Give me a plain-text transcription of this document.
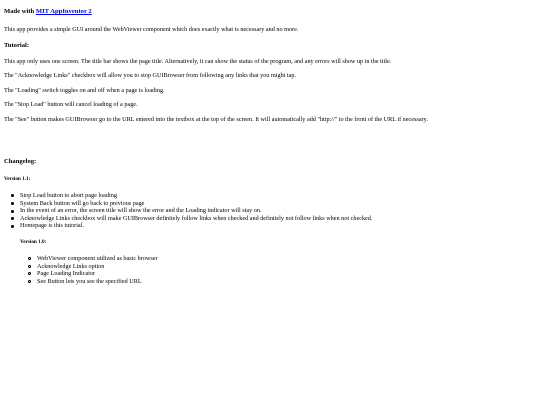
Made with MIT AppInventor 2
This app provides a simple GUI around the WebViewer component which does exactly what is necessary and no more.
Tutorial:
This app only uses one screen. The title bar shows the page title. Alternatively, it can show the status of the program, and any errors will show up in the title.
The "Acknowledge Links" checkbox will allow you to stop GUIBrowser from following any links that you might tap.
The "Loading" switch toggles on and off when a page is loading.
The "Stop Load" button will cancel loading of a page.
The "See" button makes GUIBrowser go to the URL entered into the textbox at the top of the screen. It will automatically add "http://" to the front of the URL if necessary.
Changelog:
Version 1.1:
Stop Load button to abort page loading
System Back button will go back to previous page
In the event of an error, the screen title will show the error and the Loading indicator will stay on.
Acknowledge Links checkbox will make GUIBrowser definitely follow links when checked and definitely not follow links when not checked.
Homepage is this tutorial.
Version 1.0:
WebViewer component utilized as basic browser
Acknowledge Links option
Page Loading Indicator
See Button lets you see the specified URL
